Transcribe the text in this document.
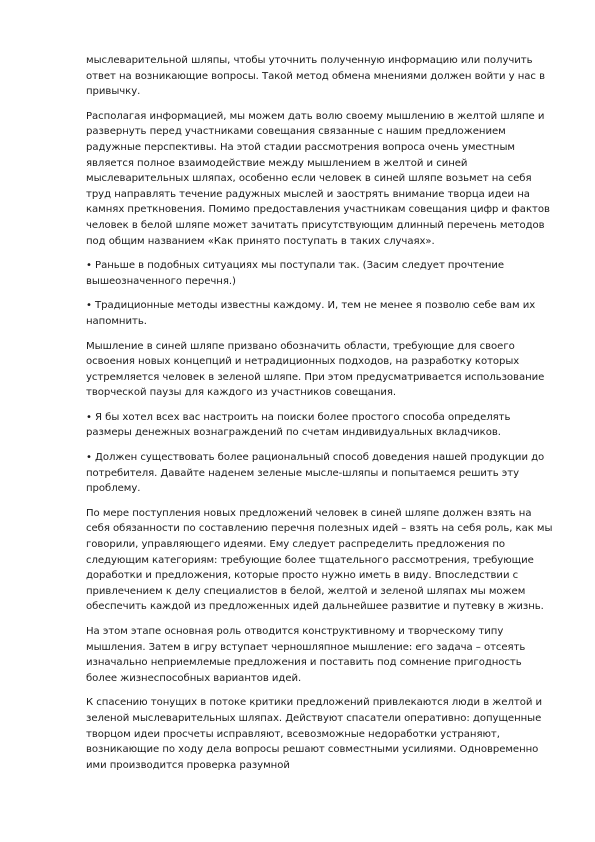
мыслеварительной шляпы, чтобы уточнить полученную информацию или получить ответ на возникающие вопросы. Такой метод обмена мнениями должен войти у нас в привычку.

Располагая информацией, мы можем дать волю своему мышлению в желтой шляпе и развернуть перед участниками совещания связанные с нашим предложением радужные перспективы. На этой стадии рассмотрения вопроса очень уместным является полное взаимодействие между мышлением в желтой и синей мыслеварительных шляпах, особенно если человек в синей шляпе возьмет на себя труд направлять течение радужных мыслей и заострять внимание творца идеи на камнях преткновения. Помимо предоставления участникам совещания цифр и фактов человек в белой шляпе может зачитать присутствующим длинный перечень методов под общим названием «Как принято поступать в таких случаях».

• Раньше в подобных ситуациях мы поступали так. (Засим следует прочтение вышеозначенного перечня.)

• Традиционные методы известны каждому. И, тем не менее я позволю себе вам их напомнить.

Мышление в синей шляпе призвано обозначить области, требующие для своего освоения новых концепций и нетрадиционных подходов, на разработку которых устремляется человек в зеленой шляпе. При этом предусматривается использование творческой паузы для каждого из участников совещания.

• Я бы хотел всех вас настроить на поиски более простого способа определять размеры денежных вознаграждений по счетам индивидуальных вкладчиков.

• Должен существовать более рациональный способ доведения нашей продукции до потребителя. Давайте наденем зеленые мысле-шляпы и попытаемся решить эту проблему.

По мере поступления новых предложений человек в синей шляпе должен взять на себя обязанности по составлению перечня полезных идей – взять на себя роль, как мы говорили, управляющего идеями. Ему следует распределить предложения по следующим категориям: требующие более тщательного рассмотрения, требующие доработки и предложения, которые просто нужно иметь в виду. Впоследствии с привлечением к делу специалистов в белой, желтой и зеленой шляпах мы можем обеспечить каждой из предложенных идей дальнейшее развитие и путевку в жизнь.

На этом этапе основная роль отводится конструктивному и творческому типу мышления. Затем в игру вступает черношляпное мышление: его задача – отсеять изначально неприемлемые предложения и поставить под сомнение пригодность более жизнеспособных вариантов идей.

К спасению тонущих в потоке критики предложений привлекаются люди в желтой и зеленой мыслеварительных шляпах. Действуют спасатели оперативно: допущенные творцом идеи просчеты исправляют, всевозможные недоработки устраняют, возникающие по ходу дела вопросы решают совместными усилиями. Одновременно ими производится проверка разумной
